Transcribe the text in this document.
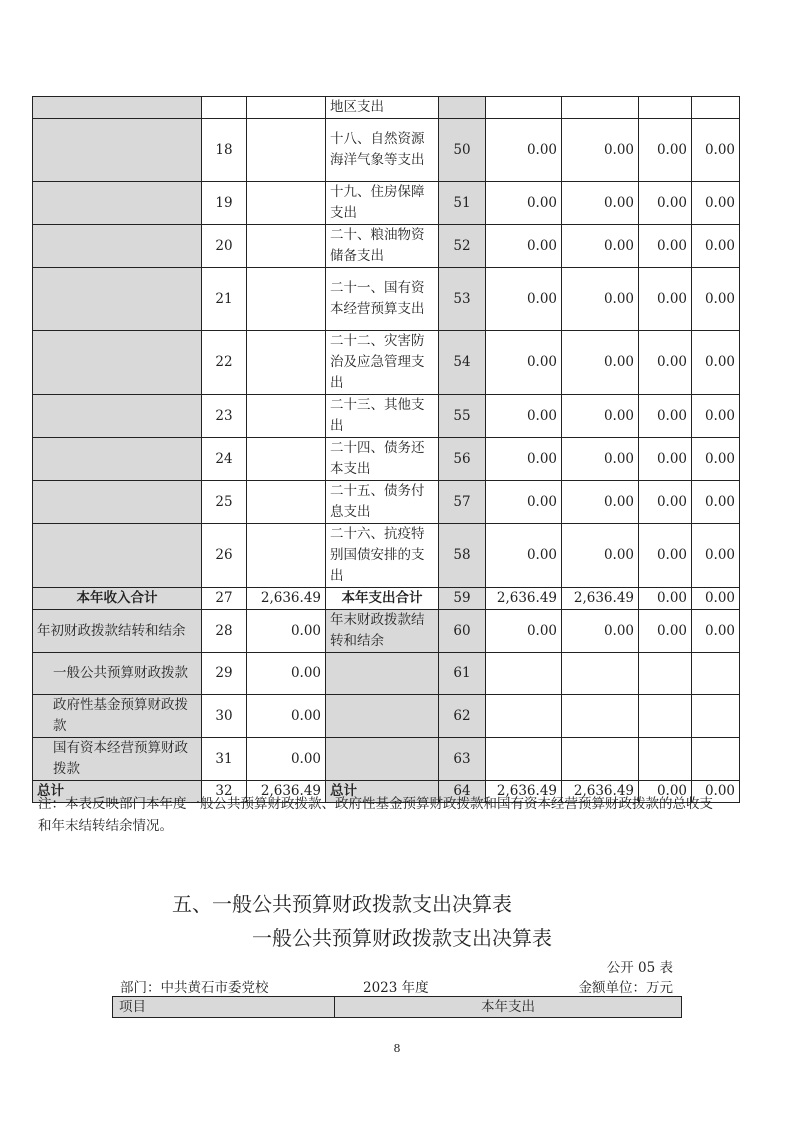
			地区支出					
	18		十八、自然资源海洋气象等支出	50	0.00	0.00	0.00	0.00
	19		十九、住房保障支出	51	0.00	0.00	0.00	0.00
	20		二十、粮油物资储备支出	52	0.00	0.00	0.00	0.00
	21		二十一、国有资本经营预算支出	53	0.00	0.00	0.00	0.00
	22		二十二、灾害防治及应急管理支出	54	0.00	0.00	0.00	0.00
	23		二十三、其他支出	55	0.00	0.00	0.00	0.00
	24		二十四、债务还本支出	56	0.00	0.00	0.00	0.00
	25		二十五、债务付息支出	57	0.00	0.00	0.00	0.00
	26		二十六、抗疫特别国债安排的支出	58	0.00	0.00	0.00	0.00
本年收入合计	27	2,636.49	本年支出合计	59	2,636.49	2,636.49	0.00	0.00
年初财政拨款结转和结余	28	0.00	年末财政拨款结转和结余	60	0.00	0.00	0.00	0.00
一般公共预算财政拨款	29	0.00		61				
政府性基金预算财政拨款	30	0.00		62				
国有资本经营预算财政拨款	31	0.00		63				
总计	32	2,636.49	总计	64	2,636.49	2,636.49	0.00	0.00
注：本表反映部门本年度一般公共预算财政拨款、政府性基金预算财政拨款和国有资本经营预算财政拨款的总收支和年末结转结余情况。
五、一般公共预算财政拨款支出决算表
一般公共预算财政拨款支出决算表
公开 05 表
部门：中共黄石市委党校	2023 年度	金额单位：万元
项目	本年支出
8
